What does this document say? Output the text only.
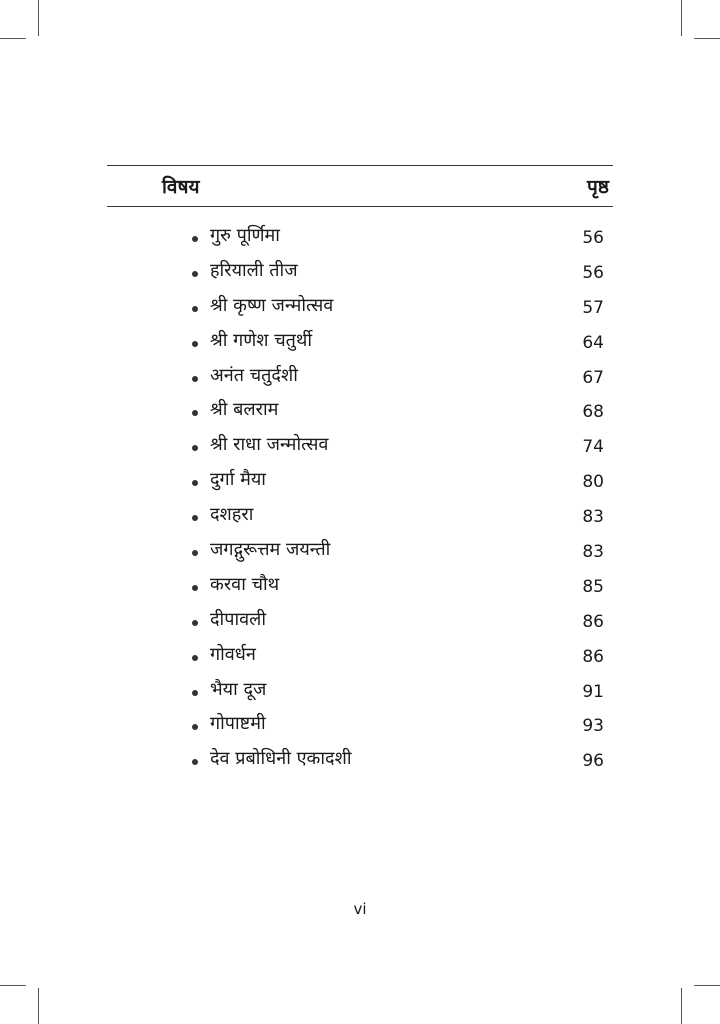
विषय	पृष्ठ
गुरु पूर्णिमा	56
हरियाली तीज	56
श्री कृष्ण जन्मोत्सव	57
श्री गणेश चतुर्थी	64
अनंत चतुर्दशी	67
श्री बलराम	68
श्री राधा जन्मोत्सव	74
दुर्गा मैया	80
दशहरा	83
जगद्गुरूत्तम जयन्ती	83
करवा चौथ	85
दीपावली	86
गोवर्धन	86
भैया दूज	91
गोपाष्टमी	93
देव प्रबोधिनी एकादशी	96
vi
